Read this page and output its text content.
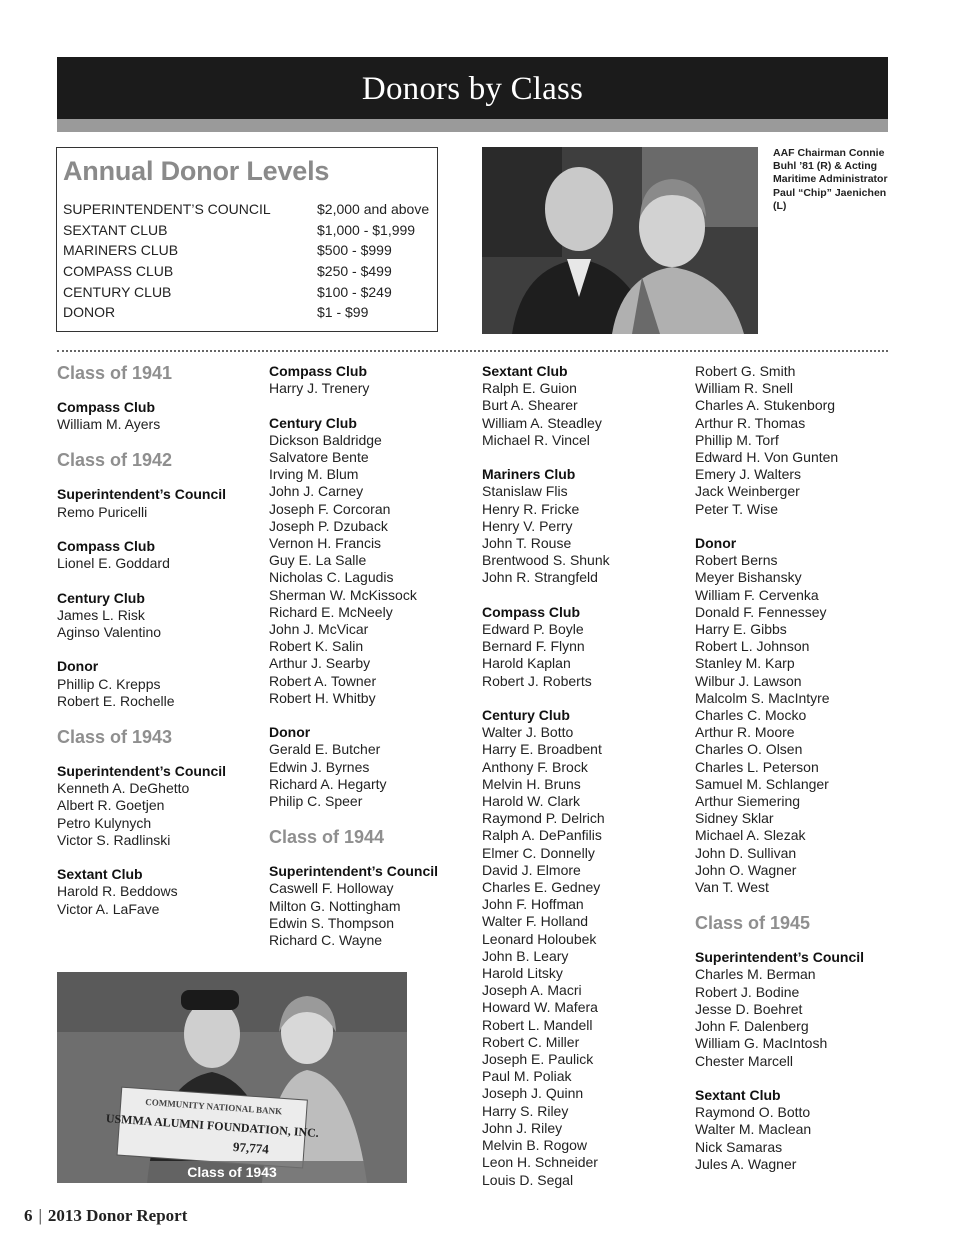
Donors by Class
Annual Donor Levels
SUPERINTENDENT’S COUNCIL	$2,000 and above
SEXTANT CLUB	$1,000 - $1,999
MARINERS CLUB	$500 - $999
COMPASS CLUB	$250 - $499
CENTURY CLUB	$100 - $249
DONOR	$1 - $99
AAF Chairman Connie Buhl ’81 (R) & Acting Maritime Administrator Paul “Chip” Jaenichen (L)
Class of 1941
Compass Club
William M. Ayers
Class of 1942
Superintendent’s Council
Remo Puricelli
Compass Club
Lionel E. Goddard
Century Club
James L. Risk
Aginso Valentino
Donor
Phillip C. Krepps
Robert E. Rochelle
Class of 1943
Superintendent’s Council
Kenneth A. DeGhetto
Albert R. Goetjen
Petro Kulynych
Victor S. Radlinski
Sextant Club
Harold R. Beddows
Victor A. LaFave
Compass Club
Harry J. Trenery
Century Club
Dickson Baldridge
Salvatore Bente
Irving M. Blum
John J. Carney
Joseph F. Corcoran
Joseph P. Dzuback
Vernon H. Francis
Guy E. La Salle
Nicholas C. Lagudis
Sherman W. McKissock
Richard E. McNeely
John J. McVicar
Robert K. Salin
Arthur J. Searby
Robert A. Towner
Robert H. Whitby
Donor
Gerald E. Butcher
Edwin J. Byrnes
Richard A. Hegarty
Philip C. Speer
Class of 1944
Superintendent’s Council
Caswell F. Holloway
Milton G. Nottingham
Edwin S. Thompson
Richard C. Wayne
Sextant Club
Ralph E. Guion
Burt A. Shearer
William A. Steadley
Michael R. Vincel
Mariners Club
Stanislaw Flis
Henry R. Fricke
Henry V. Perry
John T. Rouse
Brentwood S. Shunk
John R. Strangfeld
Compass Club
Edward P. Boyle
Bernard F. Flynn
Harold Kaplan
Robert J. Roberts
Century Club
Walter J. Botto
Harry E. Broadbent
Anthony F. Brock
Melvin H. Bruns
Harold W. Clark
Raymond P. Delrich
Ralph A. DePanfilis
Elmer C. Donnelly
David J. Elmore
Charles E. Gedney
John F. Hoffman
Walter F. Holland
Leonard Holoubek
John B. Leary
Harold Litsky
Joseph A. Macri
Howard W. Mafera
Robert L. Mandell
Robert C. Miller
Joseph E. Paulick
Paul M. Poliak
Joseph J. Quinn
Harry S. Riley
John J. Riley
Melvin B. Rogow
Leon H. Schneider
Louis D. Segal
Robert G. Smith
William R. Snell
Charles A. Stukenborg
Arthur R. Thomas
Phillip M. Torf
Edward H. Von Gunten
Emery J. Walters
Jack Weinberger
Peter T. Wise
Donor
Robert Berns
Meyer Bishansky
William F. Cervenka
Donald F. Fennessey
Harry E. Gibbs
Robert L. Johnson
Stanley M. Karp
Wilbur J. Lawson
Malcolm S. MacIntyre
Charles C. Mocko
Arthur R. Moore
Charles O. Olsen
Charles L. Peterson
Samuel M. Schlanger
Arthur Siemering
Sidney Sklar
Michael A. Slezak
John D. Sullivan
John O. Wagner
Van T. West
Class of 1945
Superintendent’s Council
Charles M. Berman
Robert J. Bodine
Jesse D. Boehret
John F. Dalenberg
William G. MacIntosh
Chester Marcell
Sextant Club
Raymond O. Botto
Walter M. Maclean
Nick Samaras
Jules A. Wagner
COMMUNITY NATIONAL BANK
USMMA ALUMNI FOUNDATION, INC.
97,774
Class of 1943
6 | 2013 Donor Report
